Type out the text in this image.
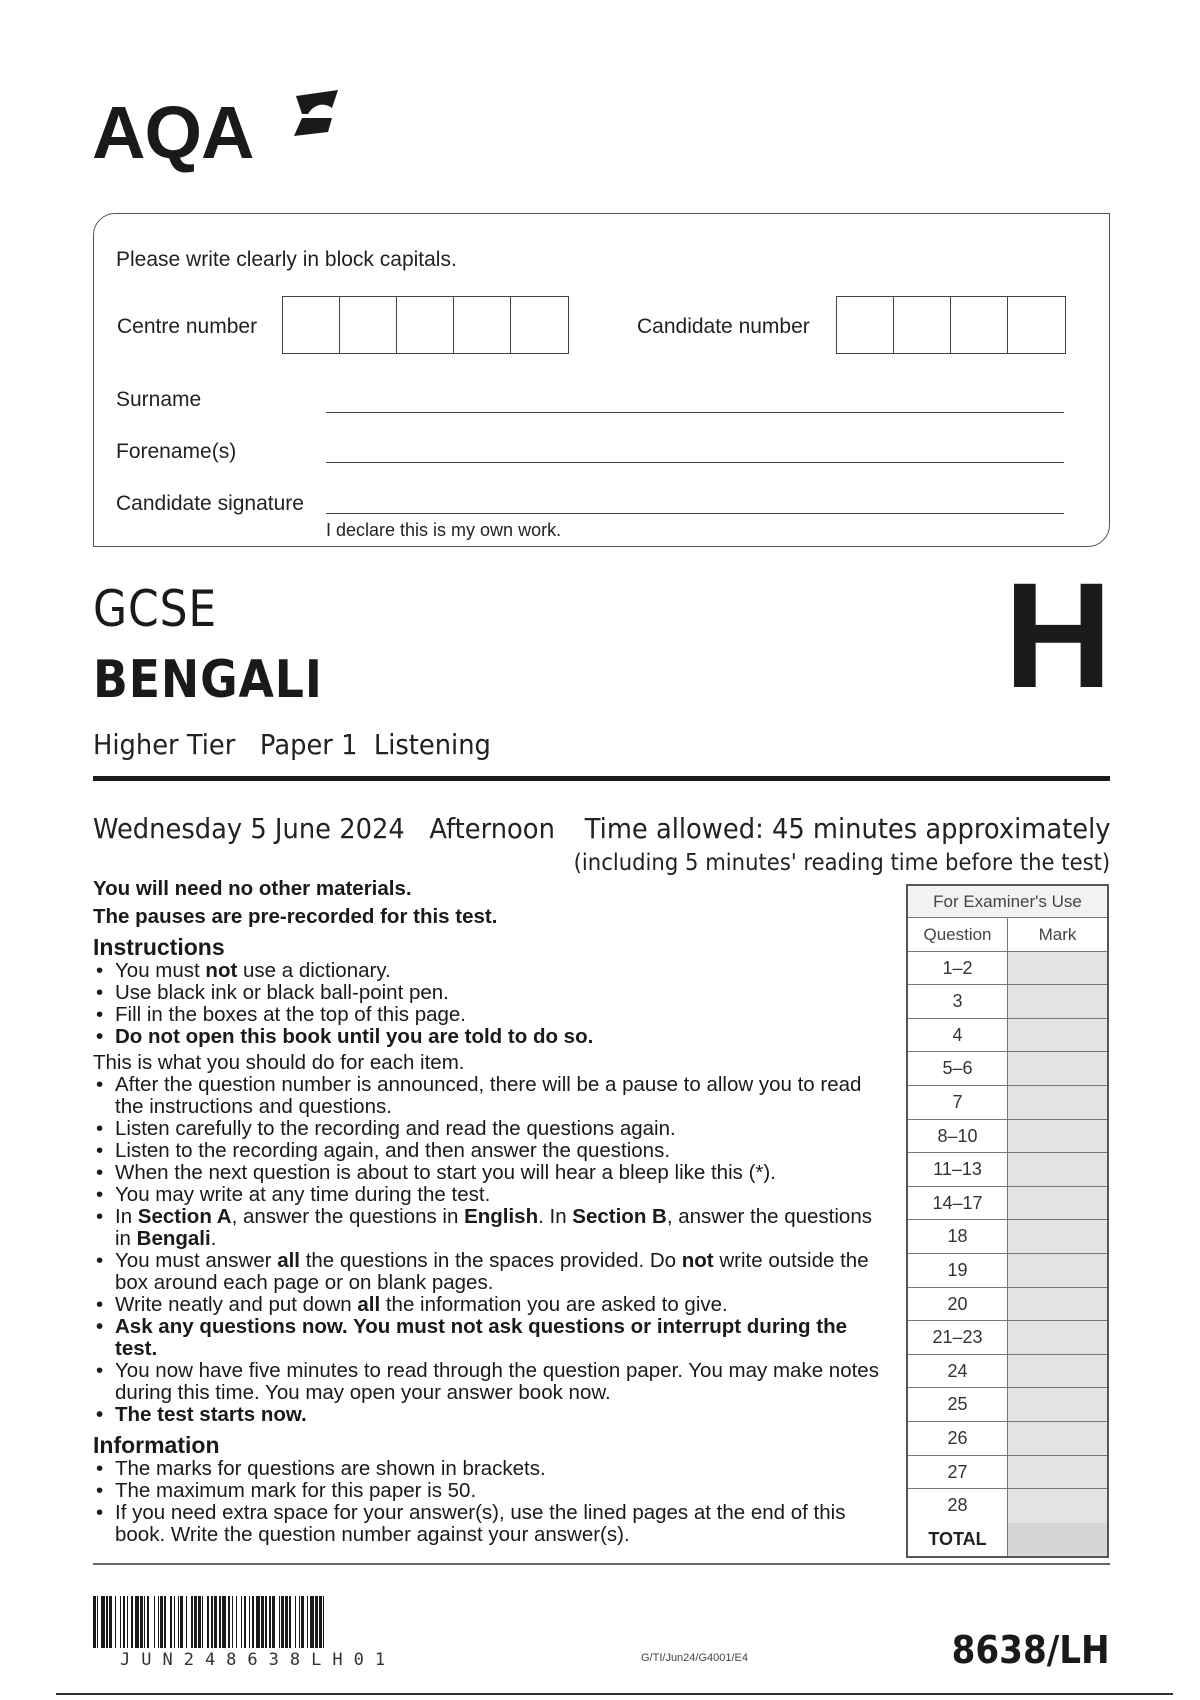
AQA
Please write clearly in block capitals.
Centre number	Candidate number
Surname
Forename(s)
Candidate signature
I declare this is my own work.
GCSE
BENGALI	H
Higher Tier   Paper 1  Listening
Wednesday 5 June 2024   Afternoon Time allowed: 45 minutes approximately
(including 5 minutes' reading time before the test)
You will need no other materials.
The pauses are pre-recorded for this test.
Instructions
• You must not use a dictionary.
• Use black ink or black ball-point pen.
• Fill in the boxes at the top of this page.
• Do not open this book until you are told to do so.
This is what you should do for each item.
• After the question number is announced, there will be a pause to allow you to read the instructions and questions.
• Listen carefully to the recording and read the questions again.
• Listen to the recording again, and then answer the questions.
• When the next question is about to start you will hear a bleep like this (*).
• You may write at any time during the test.
• In Section A, answer the questions in English. In Section B, answer the questions in Bengali.
• You must answer all the questions in the spaces provided. Do not write outside the box around each page or on blank pages.
• Write neatly and put down all the information you are asked to give.
• Ask any questions now. You must not ask questions or interrupt during the test.
• You now have five minutes to read through the question paper. You may make notes during this time. You may open your answer book now.
• The test starts now.
Information
• The marks for questions are shown in brackets.
• The maximum mark for this paper is 50.
• If you need extra space for your answer(s), use the lined pages at the end of this book. Write the question number against your answer(s).
For Examiner's Use
Question	Mark
1–2
3
4
5–6
7
8–10
11–13
14–17
18
19
20
21–23
24
25
26
27
28
TOTAL
JUN248638LH01	G/TI/Jun24/G4001/E4	8638/LH
